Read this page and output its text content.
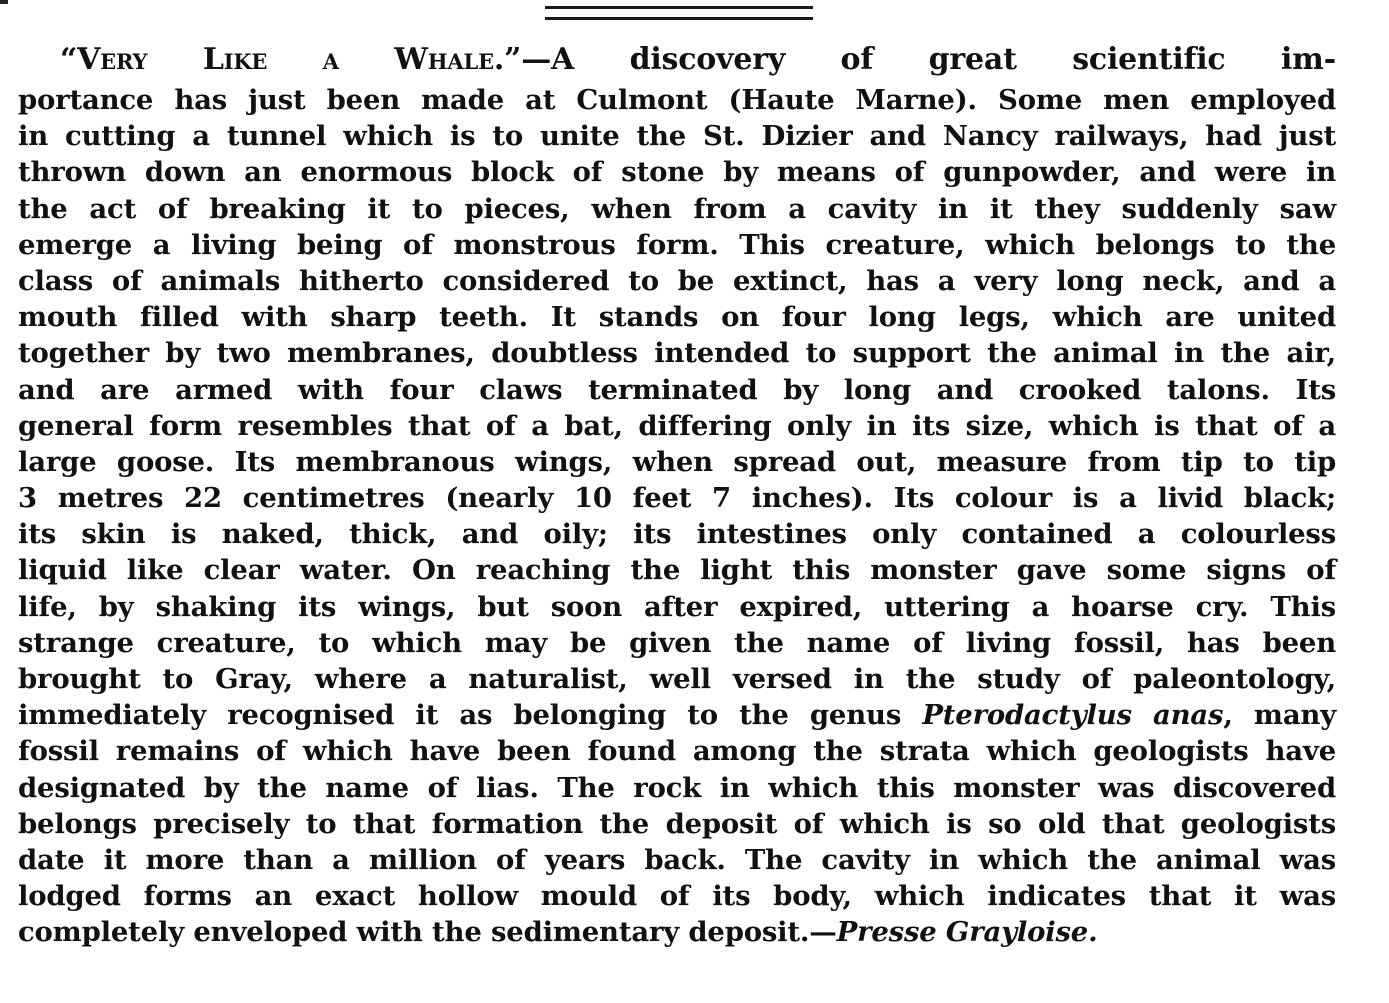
“Very Like a Whale.”—A discovery of great scientific im-
portance has just been made at Culmont (Haute Marne). Some men employed
in cutting a tunnel which is to unite the St. Dizier and Nancy railways, had just
thrown down an enormous block of stone by means of gunpowder, and were in
the act of breaking it to pieces, when from a cavity in it they suddenly saw
emerge a living being of monstrous form. This creature, which belongs to the
class of animals hitherto considered to be extinct, has a very long neck, and a
mouth filled with sharp teeth. It stands on four long legs, which are united
together by two membranes, doubtless intended to support the animal in the air,
and are armed with four claws terminated by long and crooked talons. Its
general form resembles that of a bat, differing only in its size, which is that of a
large goose. Its membranous wings, when spread out, measure from tip to tip
3 metres 22 centimetres (nearly 10 feet 7 inches). Its colour is a livid black;
its skin is naked, thick, and oily; its intestines only contained a colourless
liquid like clear water. On reaching the light this monster gave some signs of
life, by shaking its wings, but soon after expired, uttering a hoarse cry. This
strange creature, to which may be given the name of living fossil, has been
brought to Gray, where a naturalist, well versed in the study of paleontology,
immediately recognised it as belonging to the genus Pterodactylus anas, many
fossil remains of which have been found among the strata which geologists have
designated by the name of lias. The rock in which this monster was discovered
belongs precisely to that formation the deposit of which is so old that geologists
date it more than a million of years back. The cavity in which the animal was
lodged forms an exact hollow mould of its body, which indicates that it was
completely enveloped with the sedimentary deposit.—Presse Grayloise.
